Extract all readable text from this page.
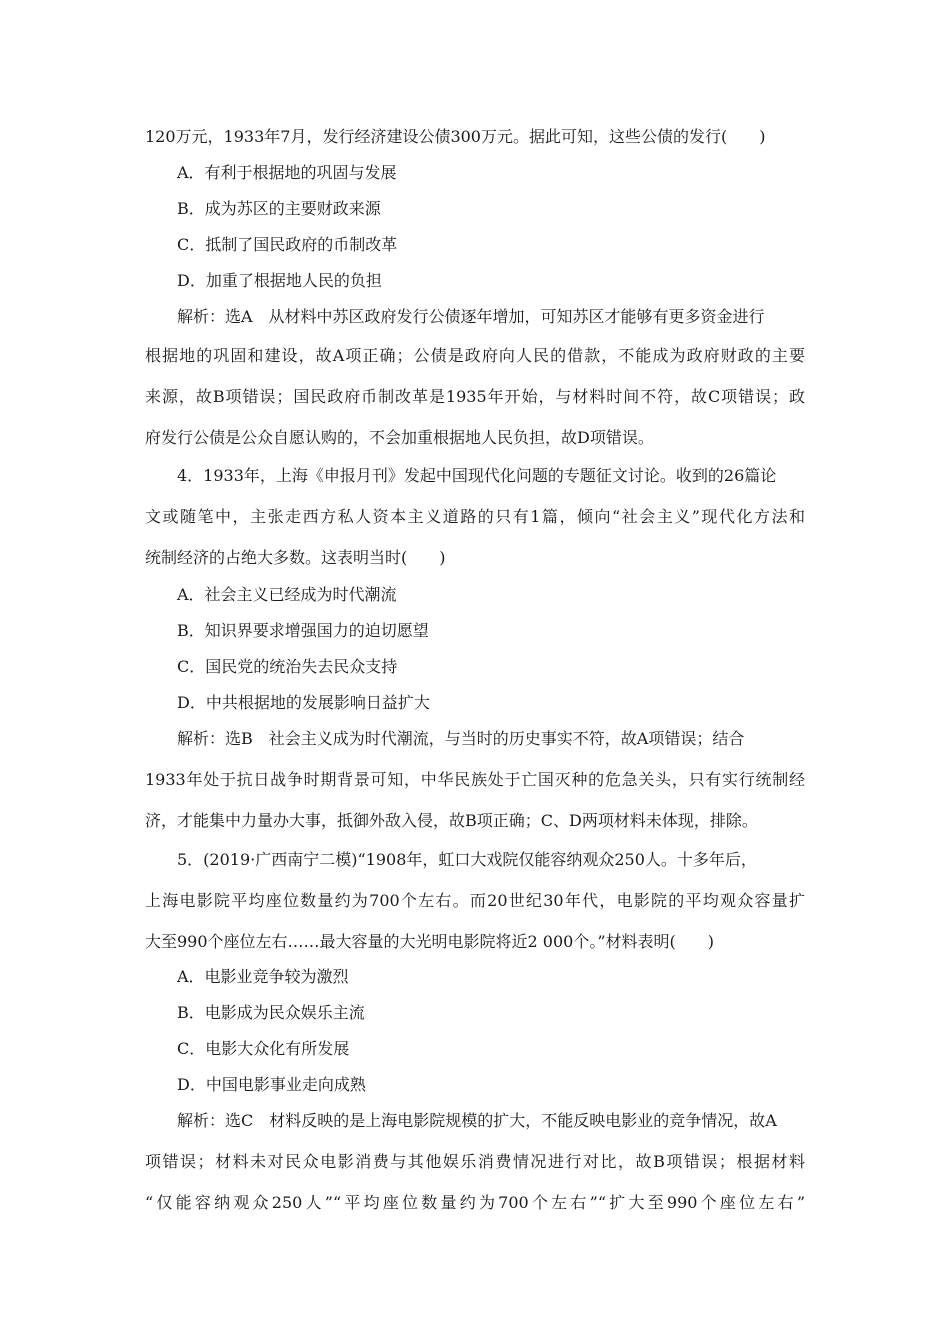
120万元，1933年7月，发行经济建设公债300万元。据此可知，这些公债的发行(　　)
A．有利于根据地的巩固与发展
B．成为苏区的主要财政来源
C．抵制了国民政府的币制改革
D．加重了根据地人民的负担
解析：选A　从材料中苏区政府发行公债逐年增加，可知苏区才能够有更多资金进行
根据地的巩固和建设，故A项正确；公债是政府向人民的借款，不能成为政府财政的主要
来源，故B项错误；国民政府币制改革是1935年开始，与材料时间不符，故C项错误；政
府发行公债是公众自愿认购的，不会加重根据地人民负担，故D项错误。
4．1933年，上海《申报月刊》发起中国现代化问题的专题征文讨论。收到的26篇论
文或随笔中，主张走西方私人资本主义道路的只有1篇，倾向“社会主义”现代化方法和
统制经济的占绝大多数。这表明当时(　　)
A．社会主义已经成为时代潮流
B．知识界要求增强国力的迫切愿望
C．国民党的统治失去民众支持
D．中共根据地的发展影响日益扩大
解析：选B　社会主义成为时代潮流，与当时的历史事实不符，故A项错误；结合
1933年处于抗日战争时期背景可知，中华民族处于亡国灭种的危急关头，只有实行统制经
济，才能集中力量办大事，抵御外敌入侵，故B项正确；C、D两项材料未体现，排除。
5．(2019·广西南宁二模)“1908年，虹口大戏院仅能容纳观众250人。十多年后，
上海电影院平均座位数量约为700个左右。而20世纪30年代，电影院的平均观众容量扩
大至990个座位左右……最大容量的大光明电影院将近2 000个。”材料表明(　　)
A．电影业竞争较为激烈
B．电影成为民众娱乐主流
C．电影大众化有所发展
D．中国电影事业走向成熟
解析：选C　材料反映的是上海电影院规模的扩大，不能反映电影业的竞争情况，故A
项错误；材料未对民众电影消费与其他娱乐消费情况进行对比，故B项错误；根据材料
“仅能容纳观众250人”“平均座位数量约为700个左右”“扩大至990个座位左右”
